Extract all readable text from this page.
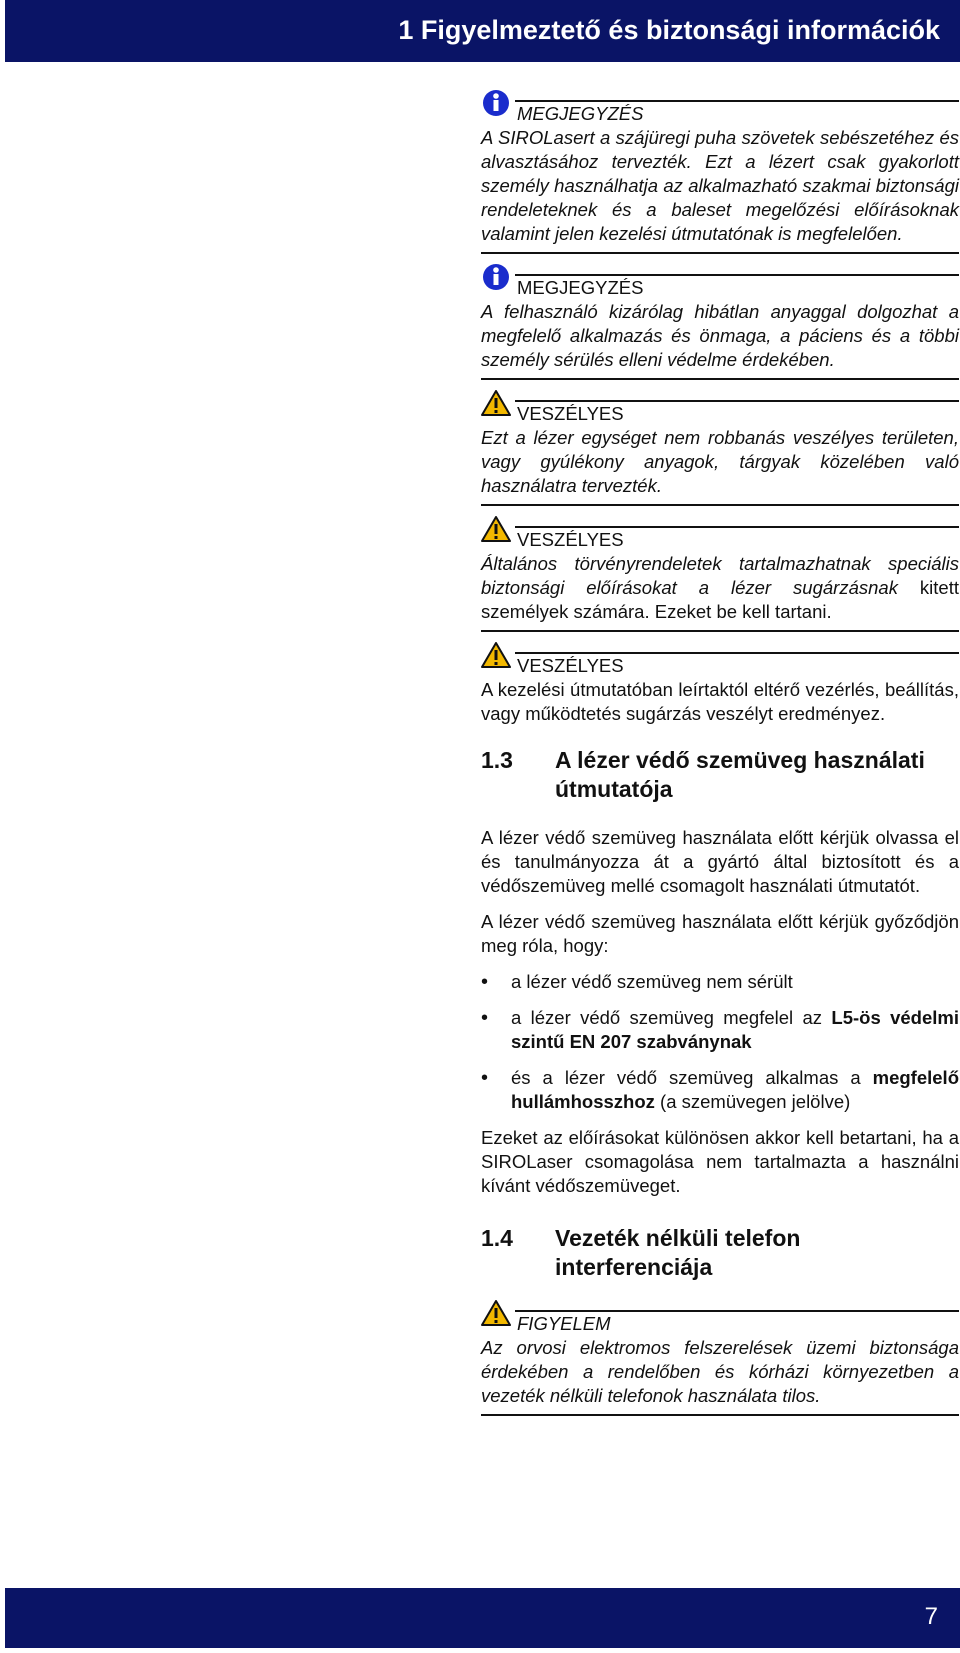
1 Figyelmeztető és biztonsági információk
MEGJEGYZÉS
A SIROLasert a szájüregi puha szövetek sebészetéhez és alvasztásához tervezték. Ezt a lézert csak gyakorlott személy használhatja az alkalmazható szakmai biztonsági rendeleteknek és a baleset megelőzési előírásoknak valamint jelen kezelési útmutatónak is megfelelően.
MEGJEGYZÉS
A felhasználó kizárólag hibátlan anyaggal dolgozhat a megfelelő alkalmazás és önmaga, a páciens és a többi személy sérülés elleni védelme érdekében.
VESZÉLYES
Ezt a lézer egységet nem robbanás veszélyes területen, vagy gyúlékony anyagok, tárgyak közelében való használatra tervezték.
VESZÉLYES
Általános törvényrendeletek tartalmazhatnak speciális biztonsági előírásokat a lézer sugárzásnak kitett személyek számára. Ezeket be kell tartani.
VESZÉLYES
A kezelési útmutatóban leírtaktól eltérő vezérlés, beállítás, vagy működtetés sugárzás veszélyt eredményez.
1.3 A lézer védő szemüveg használati útmutatója
A lézer védő szemüveg használata előtt kérjük olvassa el és tanulmányozza át a gyártó által biztosított és a védőszemüveg mellé csomagolt használati útmutatót.
A lézer védő szemüveg használata előtt kérjük győződjön meg róla, hogy:
• a lézer védő szemüveg nem sérült
• a lézer védő szemüveg megfelel az L5-ös védelmi szintű EN 207 szabványnak
• és a lézer védő szemüveg alkalmas a megfelelő hullámhosszhoz (a szemüvegen jelölve)
Ezeket az előírásokat különösen akkor kell betartani, ha a SIROLaser csomagolása nem tartalmazta a használni kívánt védőszemüveget.
1.4 Vezeték nélküli telefon interferenciája
FIGYELEM
Az orvosi elektromos felszerelések üzemi biztonsága érdekében a rendelőben és kórházi környezetben a vezeték nélküli telefonok használata tilos.
7
